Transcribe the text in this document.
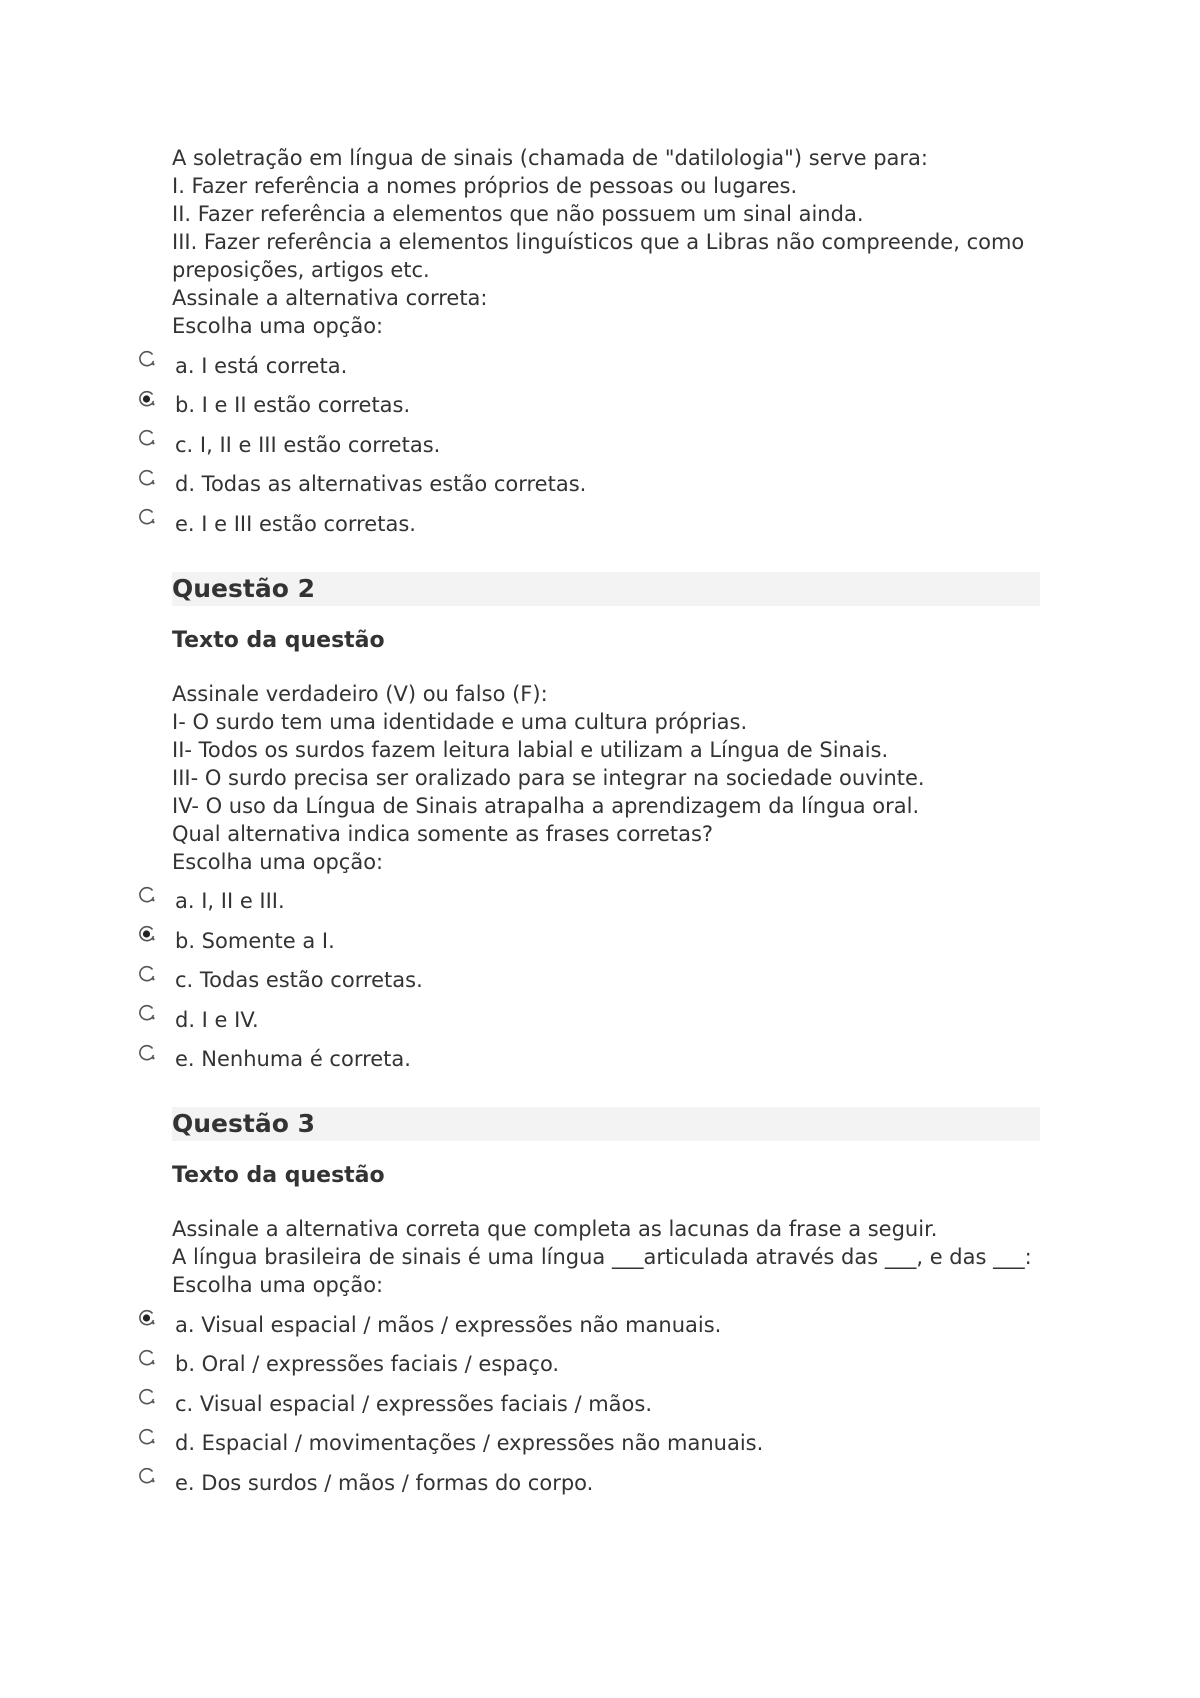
A soletração em língua de sinais (chamada de "datilologia") serve para:

I. Fazer referência a nomes próprios de pessoas ou lugares.

II. Fazer referência a elementos que não possuem um sinal ainda.

III. Fazer referência a elementos linguísticos que a Libras não compreende, como preposições, artigos etc.

Assinale a alternativa correta:

Escolha uma opção:

a. I está correta.
b. I e II estão corretas.
c. I, II e III estão corretas.
d. Todas as alternativas estão corretas.
e. I e III estão corretas.
Questão 2
Texto da questão

Assinale verdadeiro (V) ou falso (F):

I- O surdo tem uma identidade e uma cultura próprias.

II- Todos os surdos fazem leitura labial e utilizam a Língua de Sinais.

III- O surdo precisa ser oralizado para se integrar na sociedade ouvinte.

IV- O uso da Língua de Sinais atrapalha a aprendizagem da língua oral.

Qual alternativa indica somente as frases corretas?

Escolha uma opção:

a. I, II e III.
b. Somente a I.
c. Todas estão corretas.
d. I e IV.
e. Nenhuma é correta.
Questão 3
Texto da questão

Assinale a alternativa correta que completa as lacunas da frase a seguir.

A língua brasileira de sinais é uma língua ___articulada através das ___, e das ___:

Escolha uma opção:

a. Visual espacial / mãos / expressões não manuais.
b. Oral / expressões faciais / espaço.
c. Visual espacial / expressões faciais / mãos.
d. Espacial / movimentações / expressões não manuais.
e. Dos surdos / mãos / formas do corpo.
